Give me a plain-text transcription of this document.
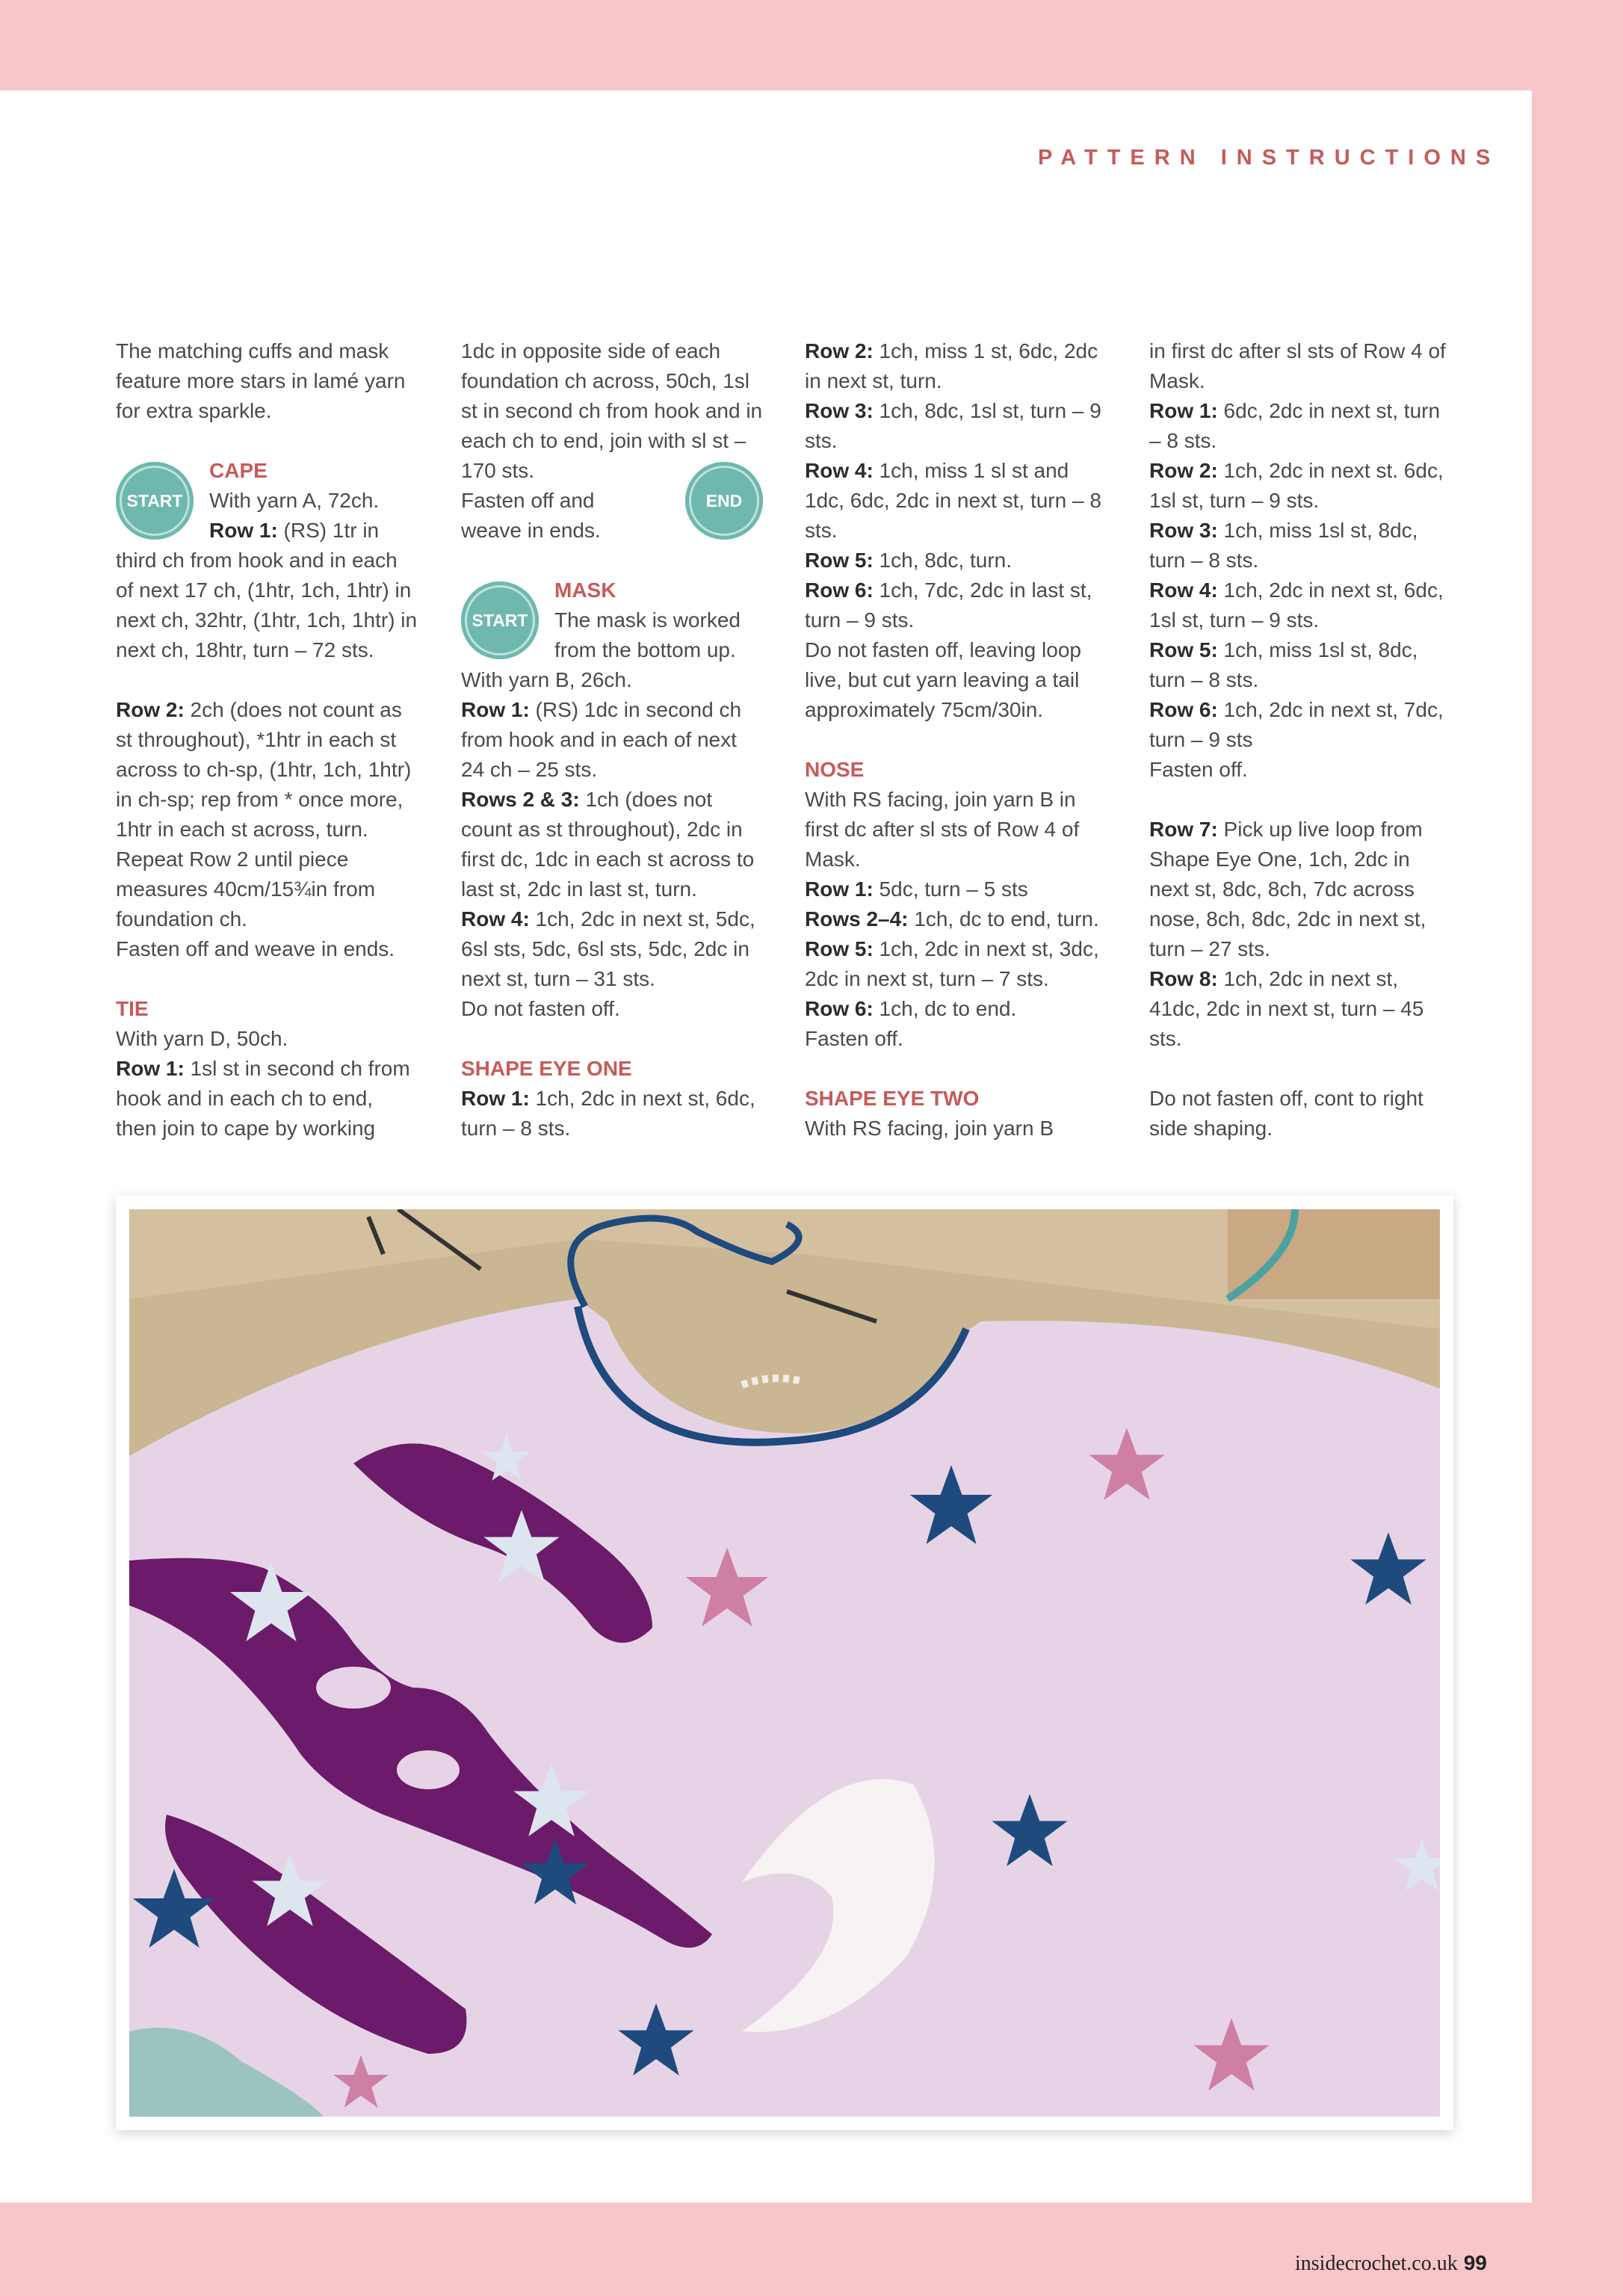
PATTERN INSTRUCTIONS

The matching cuffs and mask feature more stars in lamé yarn for extra sparkle.

START

CAPE

With yarn A, 72ch.

Row 1: (RS) 1tr in

third ch from hook and in each of next 17 ch, (1htr, 1ch, 1htr) in next ch, 32htr, (1htr, 1ch, 1htr) in next ch, 18htr, turn – 72 sts.

Row 2: 2ch (does not count as st throughout), *1htr in each st across to ch-sp, (1htr, 1ch, 1htr) in ch-sp; rep from * once more, 1htr in each st across, turn.

Repeat Row 2 until piece measures 40cm/15¾in from foundation ch.

Fasten off and weave in ends.

TIE

With yarn D, 50ch.

Row 1: 1sl st in second ch from hook and in each ch to end, then join to cape by working

1dc in opposite side of each foundation ch across, 50ch, 1sl st in second ch from hook and in each ch to end, join with sl st – 170 sts.

Fasten off and weave in ends.

END
START

MASK

The mask is worked

from the bottom up.

With yarn B, 26ch.

Row 1: (RS) 1dc in second ch from hook and in each of next 24 ch – 25 sts.

Rows 2 & 3: 1ch (does not count as st throughout), 2dc in first dc, 1dc in each st across to last st, 2dc in last st, turn.

Row 4: 1ch, 2dc in next st, 5dc, 6sl sts, 5dc, 6sl sts, 5dc, 2dc in next st, turn – 31 sts.

Do not fasten off.

SHAPE EYE ONE

Row 1: 1ch, 2dc in next st, 6dc, turn – 8 sts.

Row 2: 1ch, miss 1 st, 6dc, 2dc in next st, turn.

Row 3: 1ch, 8dc, 1sl st, turn – 9 sts.

Row 4: 1ch, miss 1 sl st and 1dc, 6dc, 2dc in next st, turn – 8 sts.

Row 5: 1ch, 8dc, turn.

Row 6: 1ch, 7dc, 2dc in last st, turn – 9 sts.

Do not fasten off, leaving loop live, but cut yarn leaving a tail approximately 75cm/30in.

NOSE

With RS facing, join yarn B in first dc after sl sts of Row 4 of Mask.

Row 1: 5dc, turn – 5 sts

Rows 2–4: 1ch, dc to end, turn.

Row 5: 1ch, 2dc in next st, 3dc, 2dc in next st, turn – 7 sts.

Row 6: 1ch, dc to end.

Fasten off.

SHAPE EYE TWO

With RS facing, join yarn B

in first dc after sl sts of Row 4 of Mask.

Row 1: 6dc, 2dc in next st, turn – 8 sts.

Row 2: 1ch, 2dc in next st. 6dc, 1sl st, turn – 9 sts.

Row 3: 1ch, miss 1sl st, 8dc, turn – 8 sts.

Row 4: 1ch, 2dc in next st, 6dc, 1sl st, turn – 9 sts.

Row 5: 1ch, miss 1sl st, 8dc, turn – 8 sts.

Row 6: 1ch, 2dc in next st, 7dc, turn – 9 sts

Fasten off.

Row 7: Pick up live loop from Shape Eye One, 1ch, 2dc in next st, 8dc, 8ch, 7dc across nose, 8ch, 8dc, 2dc in next st, turn – 27 sts.

Row 8: 1ch, 2dc in next st, 41dc, 2dc in next st, turn – 45 sts.

Do not fasten off, cont to right side shaping.

insidecrochet.co.uk 99
